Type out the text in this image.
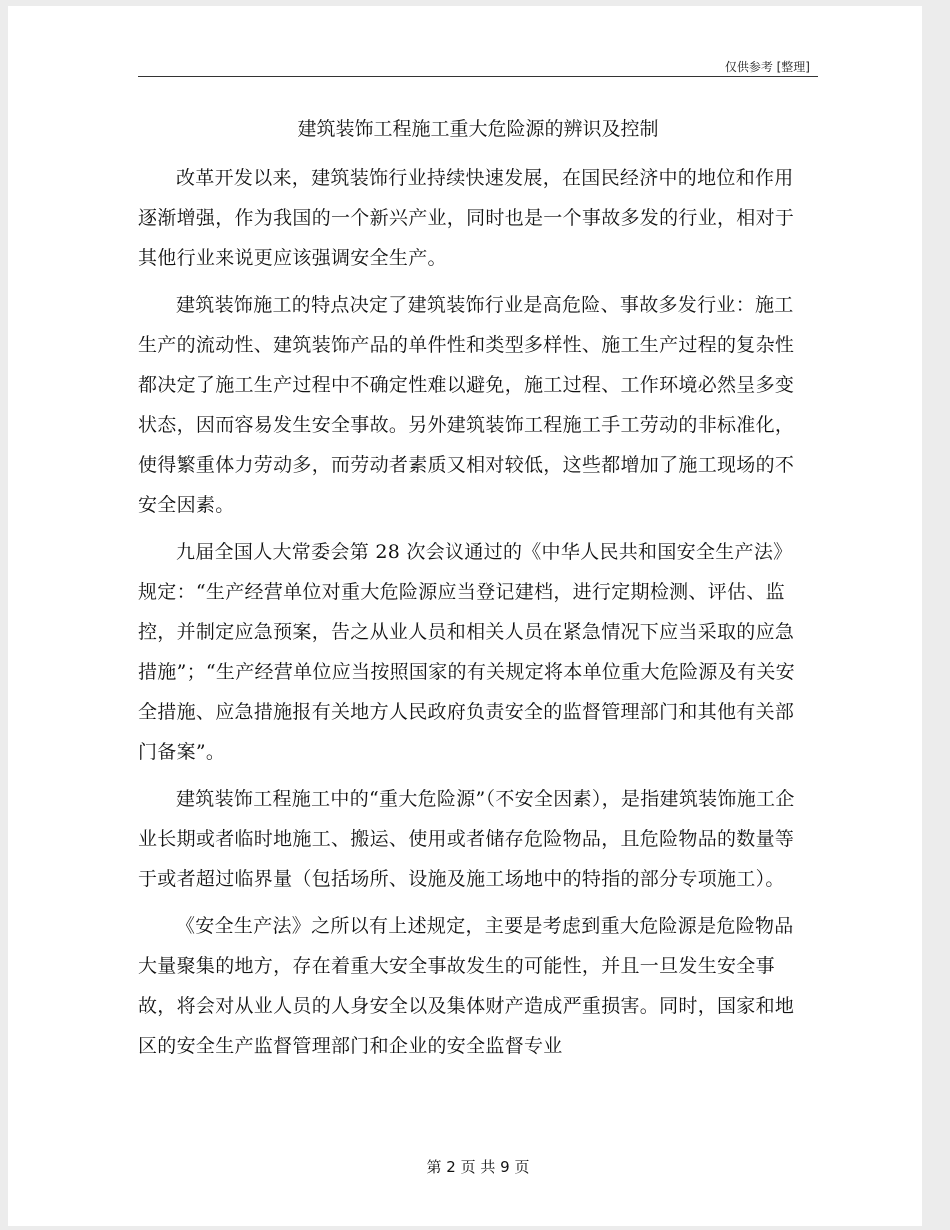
仅供参考 [整理]
建筑装饰工程施工重大危险源的辨识及控制

改革开发以来，建筑装饰行业持续快速发展，在国民经济中的地位和作用逐渐增强，作为我国的一个新兴产业，同时也是一个事故多发的行业，相对于其他行业来说更应该强调安全生产。

建筑装饰施工的特点决定了建筑装饰行业是高危险、事故多发行业：施工生产的流动性、建筑装饰产品的单件性和类型多样性、施工生产过程的复杂性都决定了施工生产过程中不确定性难以避免，施工过程、工作环境必然呈多变状态，因而容易发生安全事故。另外建筑装饰工程施工手工劳动的非标准化，使得繁重体力劳动多，而劳动者素质又相对较低，这些都增加了施工现场的不安全因素。

九届全国人大常委会第 28 次会议通过的《中华人民共和国安全生产法》规定：“生产经营单位对重大危险源应当登记建档，进行定期检测、评估、监控，并制定应急预案，告之从业人员和相关人员在紧急情况下应当采取的应急措施”；“生产经营单位应当按照国家的有关规定将本单位重大危险源及有关安全措施、应急措施报有关地方人民政府负责安全的监督管理部门和其他有关部门备案”。

建筑装饰工程施工中的“重大危险源”（不安全因素），是指建筑装饰施工企业长期或者临时地施工、搬运、使用或者储存危险物品，且危险物品的数量等于或者超过临界量（包括场所、设施及施工场地中的特指的部分专项施工）。

《安全生产法》之所以有上述规定，主要是考虑到重大危险源是危险物品大量聚集的地方，存在着重大安全事故发生的可能性，并且一旦发生安全事故，将会对从业人员的人身安全以及集体财产造成严重损害。同时，国家和地区的安全生产监督管理部门和企业的安全监督专业

第 2 页 共 9 页
